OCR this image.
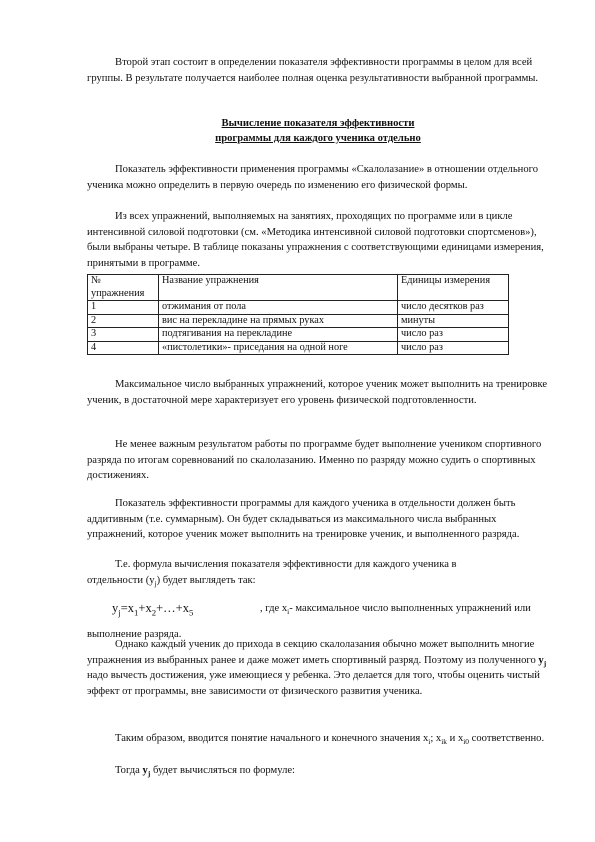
Второй этап состоит в определении показателя эффективности программы в целом для всей группы. В результате получается наиболее полная оценка результативности выбранной программы.
Вычисление показателя эффективности
программы для каждого ученика отдельно
Показатель эффективности применения программы «Скалолазание» в отношении отдельного ученика можно определить в первую очередь по изменению его физической формы.
Из всех упражнений, выполняемых на занятиях, проходящих по программе или в цикле интенсивной силовой подготовки (см. «Методика интенсивной силовой подготовки спортсменов»), были выбраны четыре. В таблице показаны упражнения с соответствующими единицами измерения, принятыми в программе.
№ упражнения	Название упражнения	Единицы измерения
1	отжимания от пола	число десятков раз
2	вис на перекладине на прямых руках	минуты
3	подтягивания на перекладине	число раз
4	«пистолетики»- приседания на одной ноге	число раз
Максимальное число выбранных упражнений, которое ученик может выполнить на тренировке ученик, в достаточной мере характеризует его уровень физической подготовленности.
Не менее важным результатом работы по программе будет выполнение учеником спортивного разряда по итогам соревнований по скалолазанию. Именно по разряду можно судить о спортивных достижениях.
Показатель эффективности программы для каждого ученика в отдельности должен быть аддитивным (т.е. суммарным). Он будет складываться из максимального числа выбранных упражнений, которое ученик может выполнить на тренировке ученик, и выполненного разряда.
Т.е. формула вычисления показателя эффективности для каждого ученика в
отдельности $(y_j)$ будет выглядеть так:
$y_j=x_1+x_2+\dots+x_5$	, где $x_i-$ максимальное число выполненных упражнений или
выполнение разряда.
Однако каждый ученик до прихода в секцию скалолазания обычно может выполнить многие упражнения из выбранных ранее и даже может иметь спортивный разряд. Поэтому из полученного $y_j$ надо вычесть достижения, уже имеющиеся у ребенка. Это делается для того, чтобы оценить чистый эффект от программы, вне зависимости от физического развития ученика.
Таким образом, вводится понятие начального и конечного значения $x_i$; $x_{ik}$ и $x_{i0}$ соответственно.
Тогда $y_j$ будет вычисляться по формуле:
